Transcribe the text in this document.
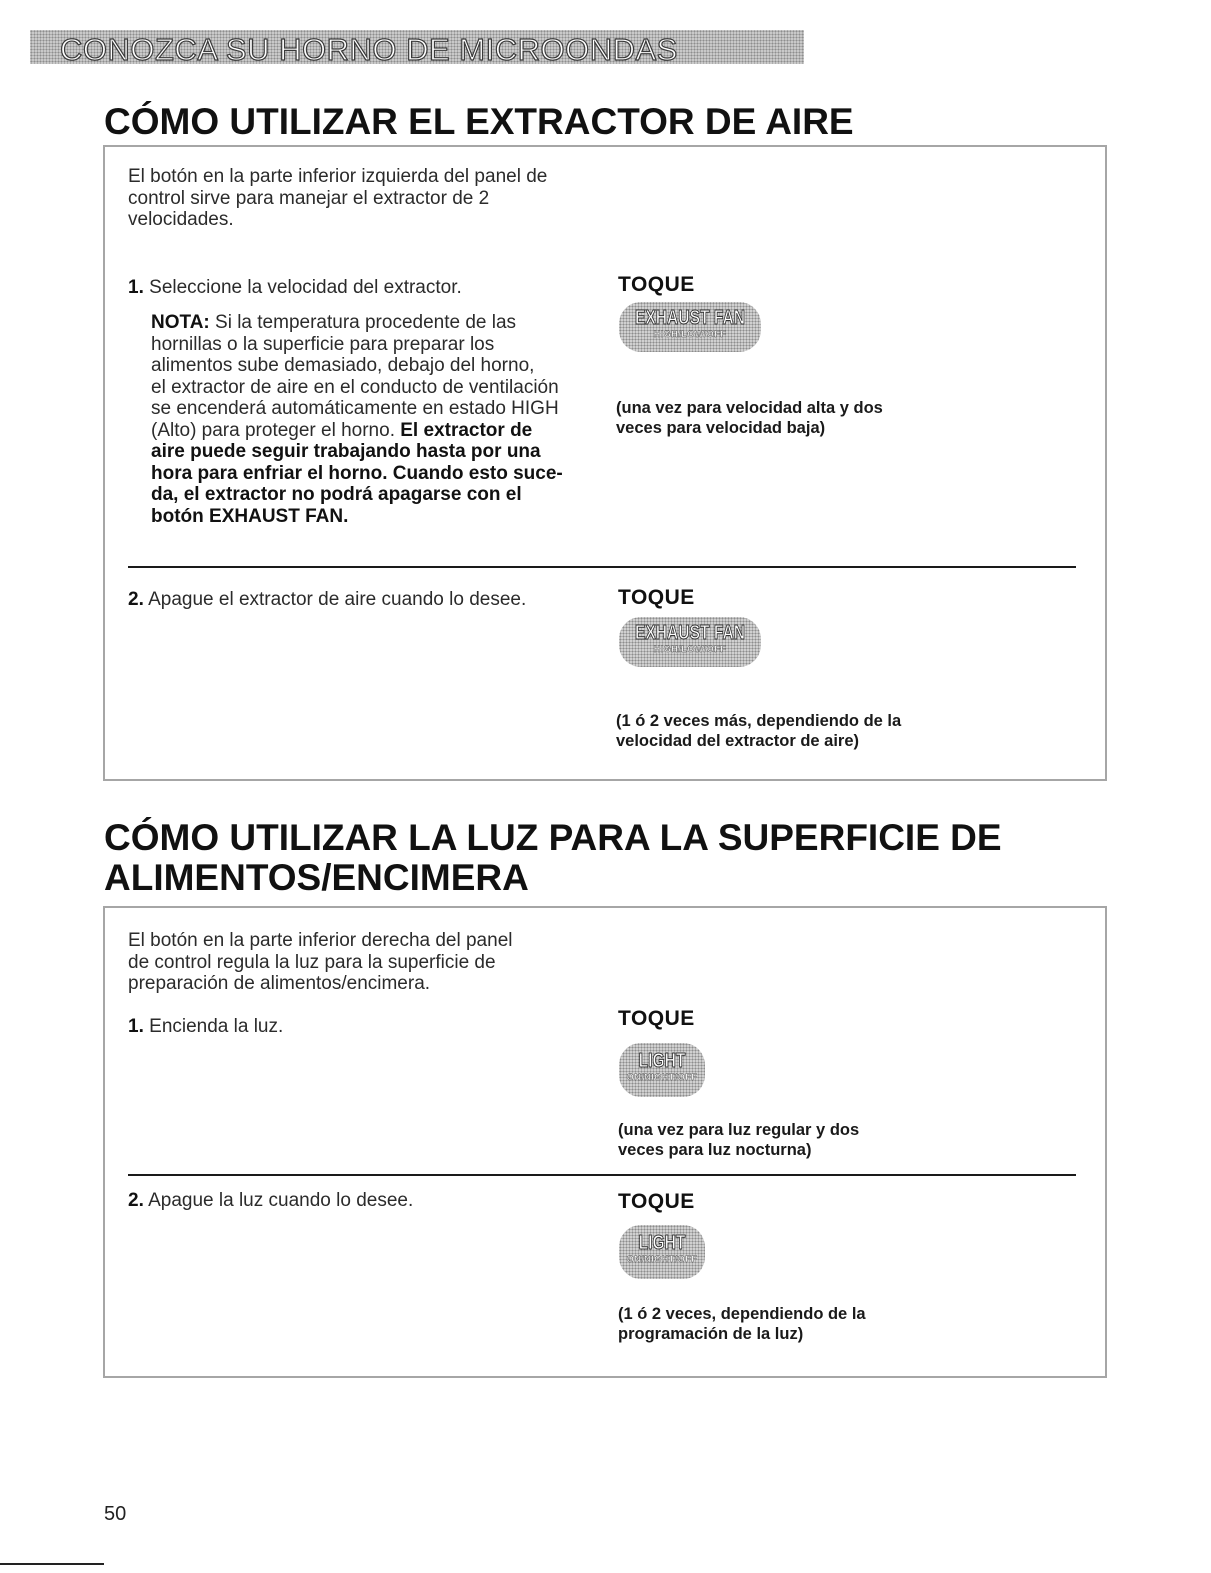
CONOZCA SU HORNO DE MICROONDAS
CÓMO UTILIZAR EL EXTRACTOR DE AIRE

El botón en la parte inferior izquierda del panel de
control sirve para manejar el extractor de 2
velocidades.

1. Seleccione la velocidad del extractor.

NOTA: Si la temperatura procedente de las
hornillas o la superficie para preparar los
alimentos sube demasiado, debajo del horno,
el extractor de aire en el conducto de ventilación
se encenderá automáticamente en estado HIGH
(Alto) para proteger el horno. El extractor de
aire puede seguir trabajando hasta por una
hora para enfriar el horno. Cuando esto suce-
da, el extractor no podrá apagarse con el
botón EXHAUST FAN.

TOQUE
EXHAUST FAN
HIGH/LOW/OFF
(una vez para velocidad alta y dos
veces para velocidad baja)

2. Apague el extractor de aire cuando lo desee.	TOQUE
EXHAUST FAN
HIGH/LOW/OFF
(1 ó 2 veces más, dependiendo de la
velocidad del extractor de aire)
CÓMO UTILIZAR LA LUZ PARA LA SUPERFICIE DE
ALIMENTOS/ENCIMERA

El botón en la parte inferior derecha del panel
de control regula la luz para la superficie de
preparación de alimentos/encimera.

1. Encienda la luz.	TOQUE
LIGHT
ON/NIGHT/OFF
(una vez para luz regular y dos
veces para luz nocturna)

2. Apague la luz cuando lo desee.	TOQUE
LIGHT
ON/NIGHT/OFF
(1 ó 2 veces, dependiendo de la
programación de la luz)
50
